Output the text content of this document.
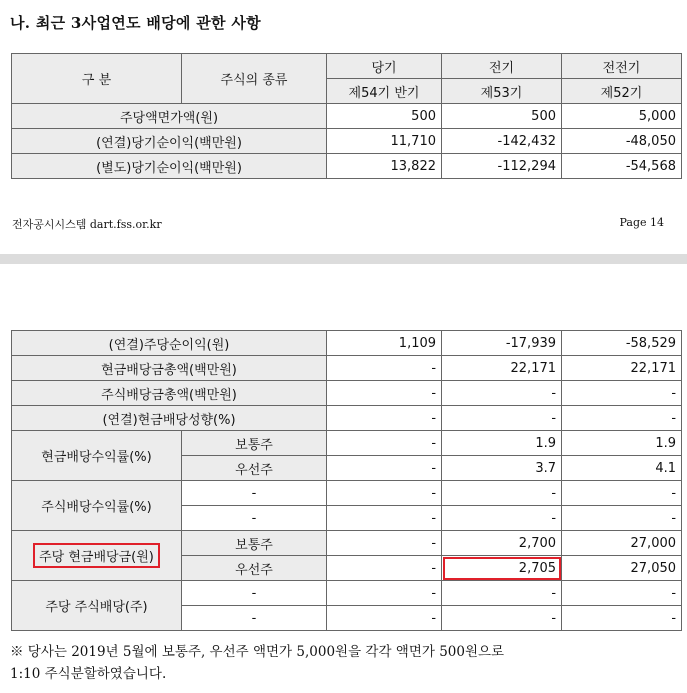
나. 최근 3사업연도 배당에 관한 사항
구 분	주식의 종류	당기	전기	전전기
		제54기 반기	제53기	제52기
주당액면가액(원)		500	500	5,000
(연결)당기순이익(백만원)		11,710	-142,432	-48,050
(별도)당기순이익(백만원)		13,822	-112,294	-54,568
전자공시시스템 dart.fss.or.kr	Page 14
(연결)주당순이익(원)		1,109	-17,939	-58,529
현금배당금총액(백만원)		-	22,171	22,171
주식배당금총액(백만원)		-	-	-
(연결)현금배당성향(%)		-	-	-
현금배당수익률(%)	보통주	-	1.9	1.9
	우선주	-	3.7	4.1
주식배당수익률(%)	-	-	-	-
	-	-	-	-
주당 현금배당금(원)	보통주	-	2,700	27,000
	우선주	-	2,705	27,050
주당 주식배당(주)	-	-	-	-
	-	-	-	-
※ 당사는 2019년 5월에 보통주, 우선주 액면가 5,000원을 각각 액면가 500원으로
1:10 주식분할하였습니다.
